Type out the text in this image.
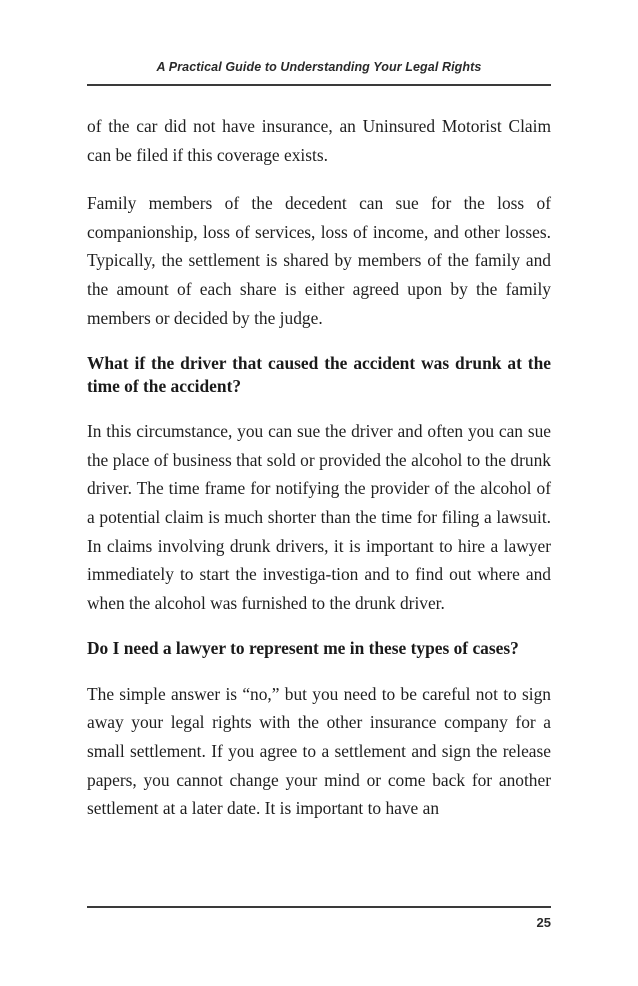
A Practical Guide to Understanding Your Legal Rights

of the car did not have insurance, an Uninsured Motorist Claim can be filed if this coverage exists.

Family members of the decedent can sue for the loss of companionship, loss of services, loss of income, and other losses. Typically, the settlement is shared by members of the family and the amount of each share is either agreed upon by the family members or decided by the judge.

What if the driver that caused the accident was drunk at the time of the accident?

In this circumstance, you can sue the driver and often you can sue the place of business that sold or provided the alcohol to the drunk driver. The time frame for notifying the provider of the alcohol of a potential claim is much shorter than the time for filing a lawsuit. In claims involving drunk drivers, it is important to hire a lawyer immediately to start the investiga-tion and to find out where and when the alcohol was furnished to the drunk driver.

Do I need a lawyer to represent me in these types of cases?

The simple answer is “no,” but you need to be careful not to sign away your legal rights with the other insurance company for a small settlement. If you agree to a settlement and sign the release papers, you cannot change your mind or come back for another settlement at a later date. It is important to have an

25
